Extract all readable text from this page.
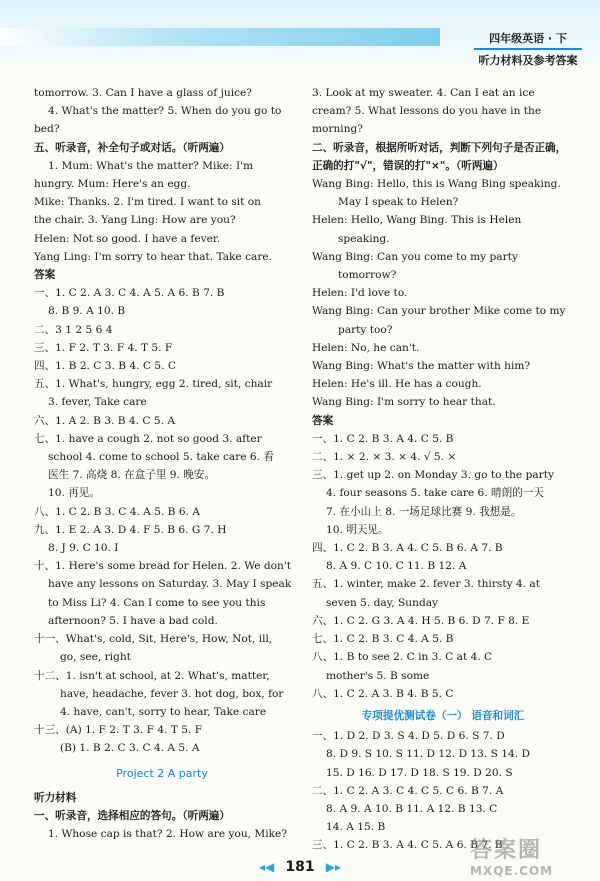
四年级英语 · 下
听力材料及参考答案
tomorrow. 3. Can I have a glass of juice?
4. What's the matter? 5. When do you go to
bed?
五、听录音，补全句子或对话。（听两遍）
1. Mum: What's the matter? Mike: I'm
hungry. Mum: Here's an egg.
Mike: Thanks. 2. I'm tired. I want to sit on
the chair. 3. Yang Ling: How are you?
Helen: Not so good. I have a fever.
Yang Ling: I'm sorry to hear that. Take care.
答案
一、1. C 2. A 3. C 4. A 5. A 6. B 7. B
8. B 9. A 10. B
二、3 1 2 5 6 4
三、1. F 2. T 3. F 4. T 5. F
四、1. B 2. C 3. B 4. C 5. C
五、1. What's, hungry, egg 2. tired, sit, chair
3. fever, Take care
六、1. A 2. B 3. B 4. C 5. A
七、1. have a cough 2. not so good 3. after
school 4. come to school 5. take care 6. 看
医生 7. 高烧 8. 在盒子里 9. 晚安。
10. 再见。
八、1. C 2. B 3. C 4. A 5. B 6. A
九、1. E 2. A 3. D 4. F 5. B 6. G 7. H
8. J 9. C 10. I
十、1. Here's some bread for Helen. 2. We don't
have any lessons on Saturday. 3. May I speak
to Miss Li? 4. Can I come to see you this
afternoon? 5. I have a bad cold.
十一、What's, cold, Sit, Here's, How, Not, ill,
go, see, right
十二、1. isn't at school, at 2. What's, matter,
have, headache, fever 3. hot dog, box, for
4. have, can't, sorry to hear, Take care
十三、(A) 1. F 2. T 3. F 4. T 5. F
(B) 1. B 2. C 3. C 4. A 5. A
Project 2 A party
听力材料
一、听录音，选择相应的答句。（听两遍）
1. Whose cap is that? 2. How are you, Mike?
3. Look at my sweater. 4. Can I eat an ice
cream? 5. What lessons do you have in the
morning?
二、听录音，根据所听对话，判断下列句子是否正确，
正确的打"√"，错误的打"×"。（听两遍）
Wang Bing: Hello, this is Wang Bing speaking.
May I speak to Helen?
Helen: Hello, Wang Bing. This is Helen
speaking.
Wang Bing: Can you come to my party
tomorrow?
Helen: I'd love to.
Wang Bing: Can your brother Mike come to my
party too?
Helen: No, he can't.
Wang Bing: What's the matter with him?
Helen: He's ill. He has a cough.
Wang Bing: I'm sorry to hear that.
答案
一、1. C 2. B 3. A 4. C 5. B
二、1. × 2. × 3. × 4. √ 5. ×
三、1. get up 2. on Monday 3. go to the party
4. four seasons 5. take care 6. 晴朗的一天
7. 在小山上 8. 一场足球比赛 9. 我想是。
10. 明天见。
四、1. C 2. B 3. A 4. C 5. B 6. A 7. B
8. A 9. C 10. C 11. B 12. A
五、1. winter, make 2. fever 3. thirsty 4. at
seven 5. day, Sunday
六、1. C 2. G 3. A 4. H 5. B 6. D 7. F 8. E
七、1. C 2. B 3. C 4. A 5. B
八、1. B to see 2. C in 3. C at 4. C
mother's 5. B some
八、1. C 2. A 3. B 4. B 5. C
专项提优测试卷（一） 语音和词汇
一、1. D 2. D 3. S 4. D 5. D 6. S 7. D
8. D 9. S 10. S 11. D 12. D 13. S 14. D
15. D 16. D 17. D 18. S 19. D 20. S
二、1. C 2. A 3. C 4. C 5. C 6. B 7. A
8. A 9. A 10. B 11. A 12. B 13. C
14. A 15. B
三、1. C 2. B 3. A 4. C 5. A 6. B 7. B
◂◀ 181 ▶▸
答案圈
MXQE.COM
